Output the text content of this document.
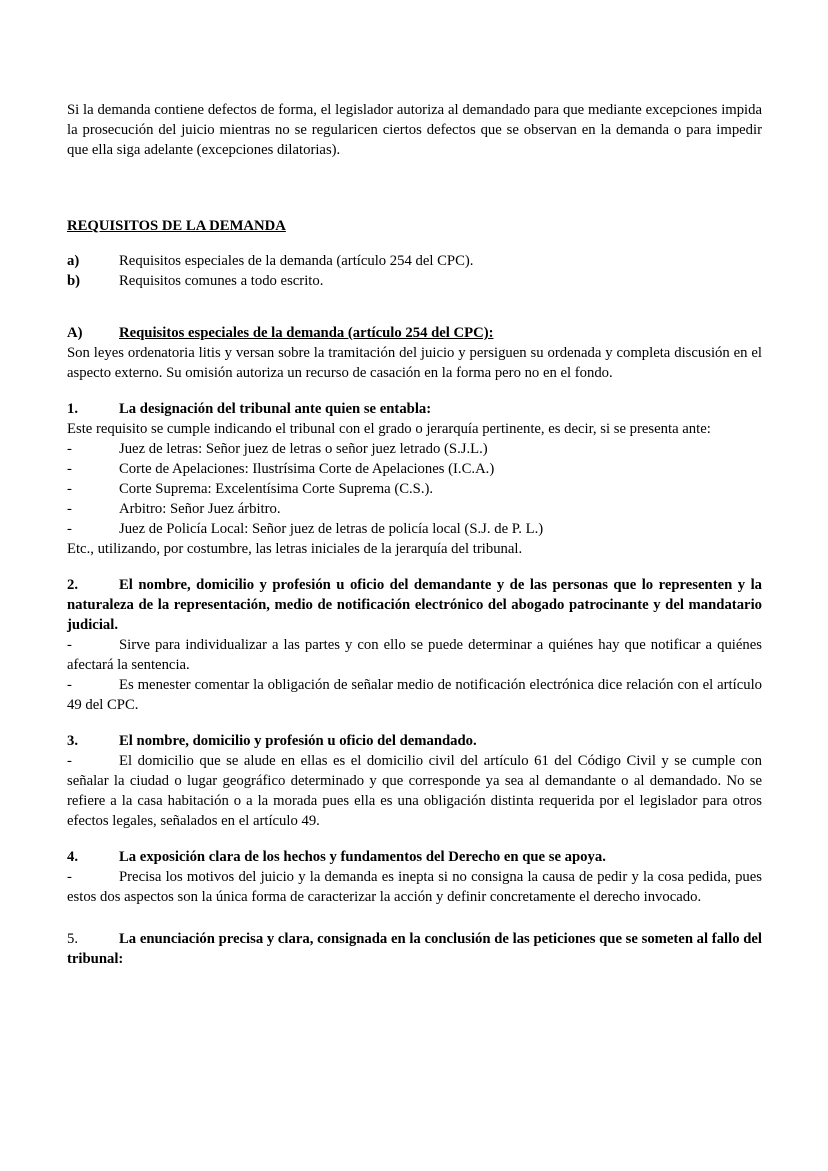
Si la demanda contiene defectos de forma, el legislador autoriza al demandado para que mediante excepciones impida la prosecución del juicio mientras no se regularicen ciertos defectos que se observan en la demanda o para impedir que ella siga adelante (excepciones dilatorias).

REQUISITOS DE LA DEMANDA

a)	Requisitos especiales de la demanda (artículo 254 del CPC).

b)	Requisitos comunes a todo escrito.

A) Requisitos especiales de la demanda (artículo 254 del CPC):

Son leyes ordenatoria litis y versan sobre la tramitación del juicio y persiguen su ordenada y completa discusión en el aspecto externo. Su omisión autoriza un recurso de casación en la forma pero no en el fondo.

1.	La designación del tribunal ante quien se entabla:

Este requisito se cumple indicando el tribunal con el grado o jerarquía pertinente, es decir, si se presenta ante:

-	Juez de letras: Señor juez de letras o señor juez letrado (S.J.L.)

-	Corte de Apelaciones: Ilustrísima Corte de Apelaciones (I.C.A.)

-	Corte Suprema: Excelentísima Corte Suprema (C.S.).

-	Arbitro: Señor Juez árbitro.

-	Juez de Policía Local: Señor juez de letras de policía local (S.J. de P. L.)

Etc., utilizando, por costumbre, las letras iniciales de la jerarquía del tribunal.

2.	El nombre, domicilio y profesión u oficio del demandante y de las personas que lo representen y la naturaleza de la representación, medio de notificación electrónico del abogado patrocinante y del mandatario judicial.

-	Sirve para individualizar a las partes y con ello se puede determinar a quiénes hay que notificar a quiénes afectará la sentencia.

-	Es menester comentar la obligación de señalar medio de notificación electrónica dice relación con el artículo 49 del CPC.

3.	El nombre, domicilio y profesión u oficio del demandado.

-	El domicilio que se alude en ellas es el domicilio civil del artículo 61 del Código Civil y se cumple con señalar la ciudad o lugar geográfico determinado y que corresponde ya sea al demandante o al demandado. No se refiere a la casa habitación o a la morada pues ella es una obligación distinta requerida por el legislador para otros efectos legales, señalados en el artículo 49.

4.	La exposición clara de los hechos y fundamentos del Derecho en que se apoya.

-	Precisa los motivos del juicio y la demanda es inepta si no consigna la causa de pedir y la cosa pedida, pues estos dos aspectos son la única forma de caracterizar la acción y definir concretamente el derecho invocado.

5.	La enunciación precisa y clara, consignada en la conclusión de las peticiones que se someten al fallo del tribunal:
